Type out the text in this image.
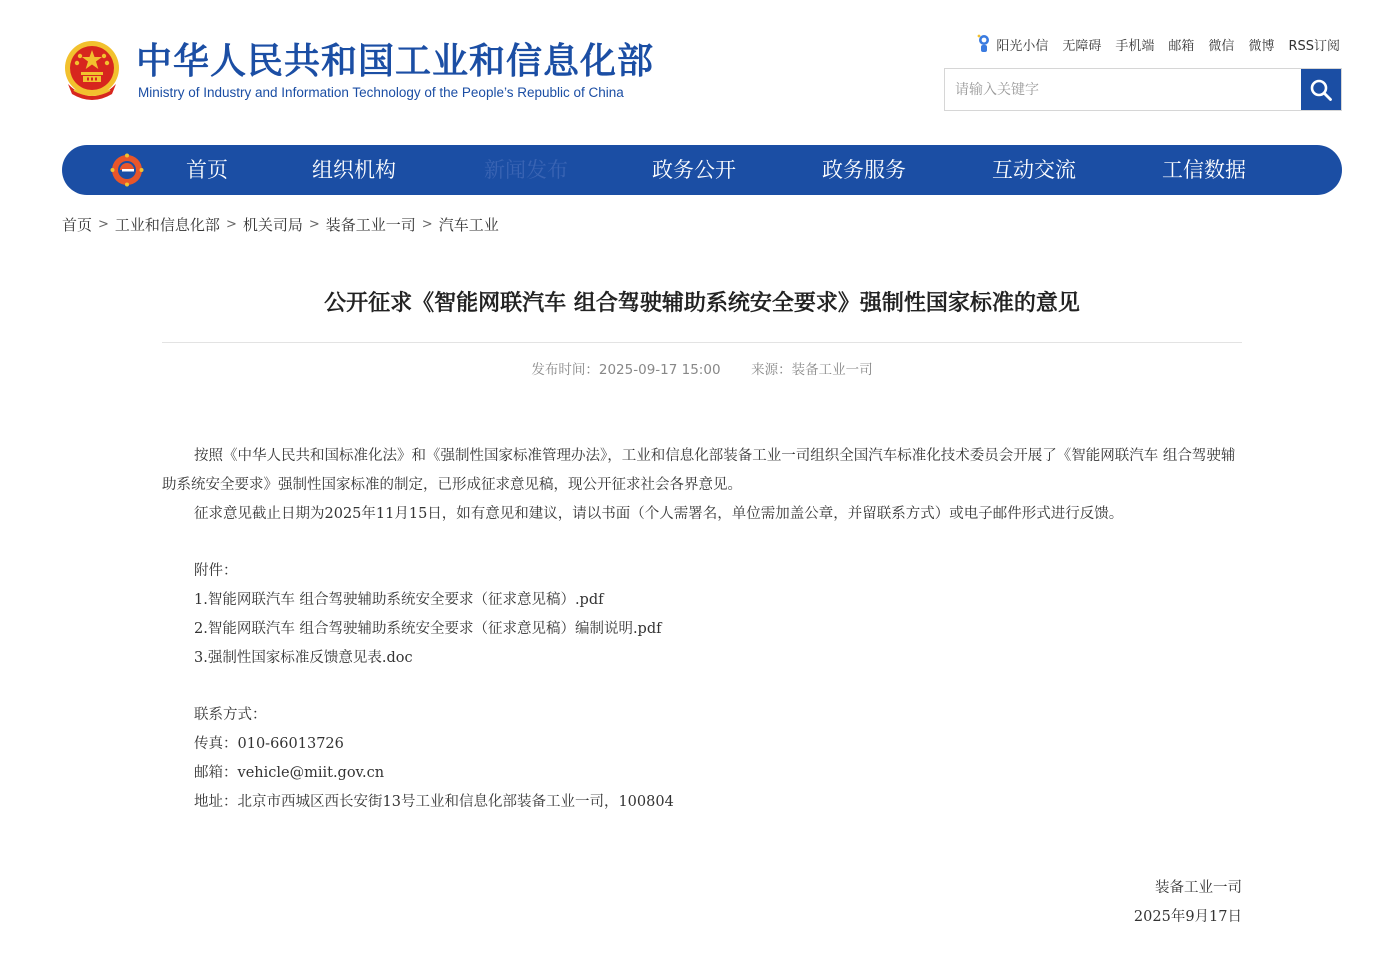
中华人民共和国工业和信息化部
Ministry of Industry and Information Technology of the People’s Republic of China
阳光小信 无障碍 手机端 邮箱 微信 微博 RSS订阅
请输入关键字
首页	组织机构	新闻发布	政务公开	政务服务	互动交流	工信数据
首页 > 工业和信息化部 > 机关司局 > 装备工业一司 > 汽车工业
公开征求《智能网联汽车 组合驾驶辅助系统安全要求》强制性国家标准的意见
发布时间：2025-09-17 15:00 来源：装备工业一司

按照《中华人民共和国标准化法》和《强制性国家标准管理办法》，工业和信息化部装备工业一司组织全国汽车标准化技术委员会开展了《智能网联汽车 组合驾驶辅助系统安全要求》强制性国家标准的制定，已形成征求意见稿，现公开征求社会各界意见。

征求意见截止日期为2025年11月15日，如有意见和建议，请以书面（个人需署名，单位需加盖公章，并留联系方式）或电子邮件形式进行反馈。

附件：
1.智能网联汽车 组合驾驶辅助系统安全要求（征求意见稿）.pdf
2.智能网联汽车 组合驾驶辅助系统安全要求（征求意见稿）编制说明.pdf
3.强制性国家标准反馈意见表.doc
联系方式：
传真：010-66013726
邮箱：vehicle@miit.gov.cn
地址：北京市西城区西长安街13号工业和信息化部装备工业一司，100804
装备工业一司
2025年9月17日
